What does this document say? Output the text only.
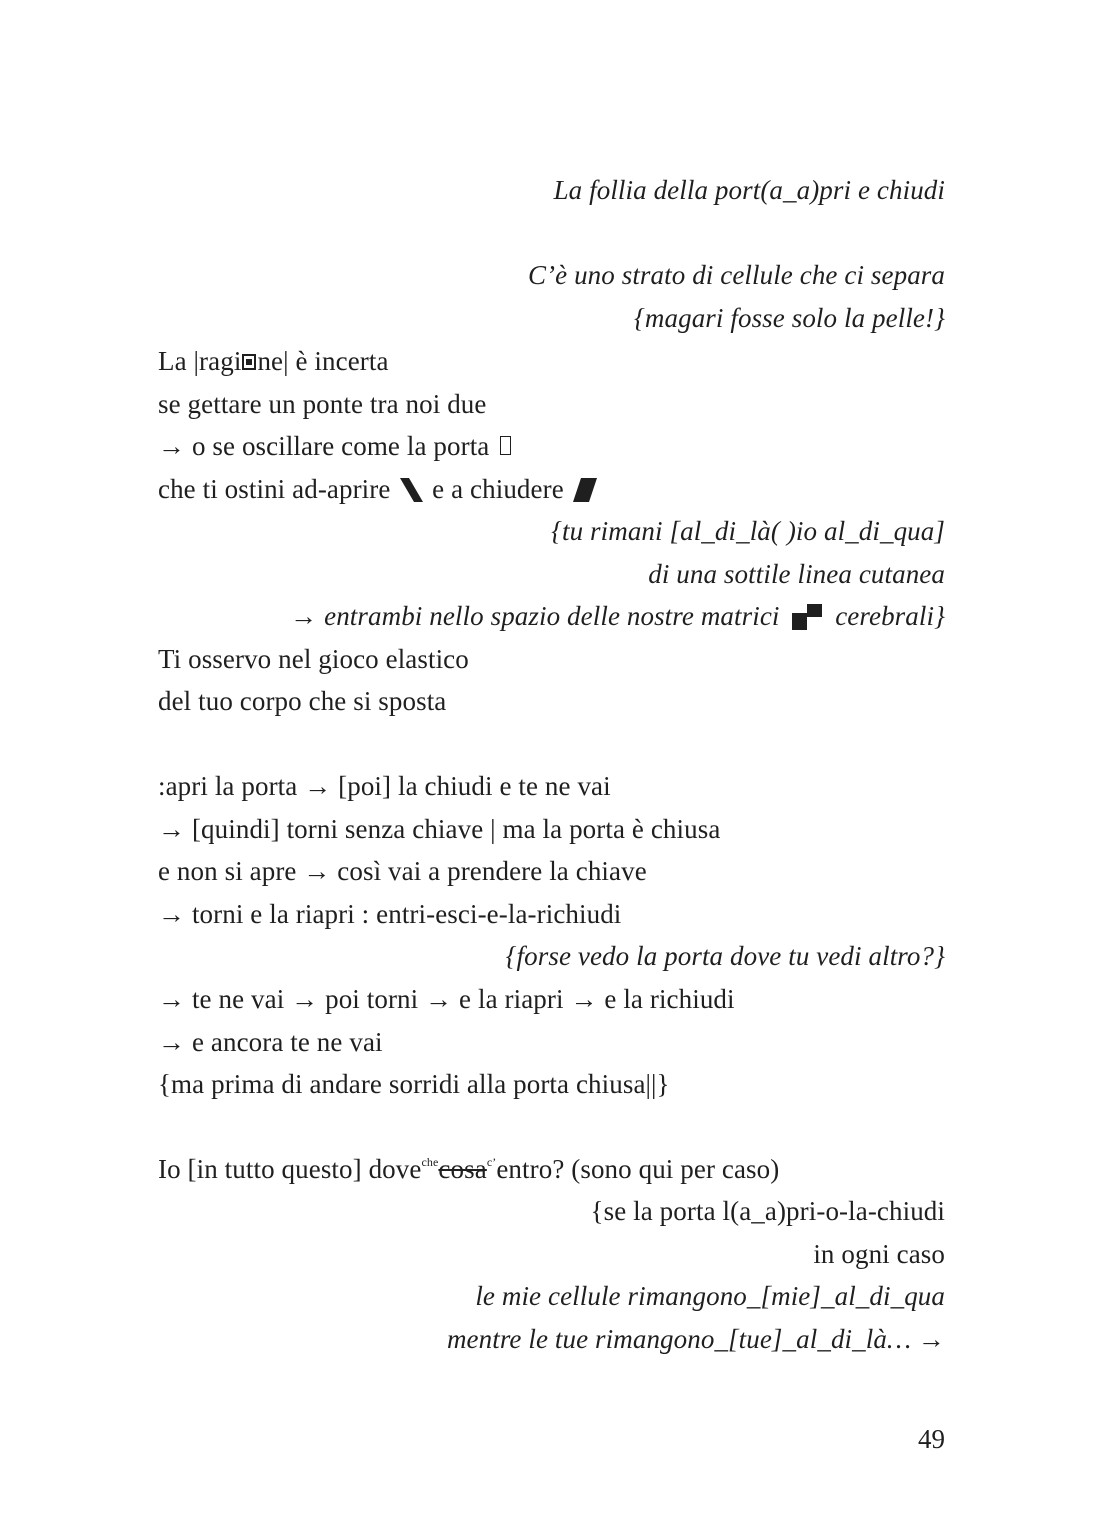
La follia della port(a_a)pri e chiudi
C’è uno strato di cellule che ci separa
{magari fosse solo la pelle!}
La |ragi ne| è incerta
se gettare un ponte tra noi due
→ o se oscillare come la porta
che ti ostini ad-aprire  e a chiudere
{tu rimani [al_di_là( )io al_di_qua]
di una sottile linea cutanea
→ entrambi nello spazio delle nostre matrici  cerebrali}
Ti osservo nel gioco elastico
del tuo corpo che si sposta
:apri la porta → [poi] la chiudi e te ne vai
→ [quindi] torni senza chiave | ma la porta è chiusa
e non si apre → così vai a prendere la chiave
→ torni e la riapri : entri-esci-e-la-richiudi
{forse vedo la porta dove tu vedi altro?}
→ te ne vai → poi torni → e la riapri → e la richiudi
→ e ancora te ne vai
{ma prima di andare sorridi alla porta chiusa||}
Io [in tutto questo] dove$^{che}$cosa$^{c’}$entro? (sono qui per caso)
{se la porta l(a_a)pri-o-la-chiudi
in ogni caso
le mie cellule rimangono_[mie]_al_di_qua
mentre le tue rimangono_[tue]_al_di_là… →
49
